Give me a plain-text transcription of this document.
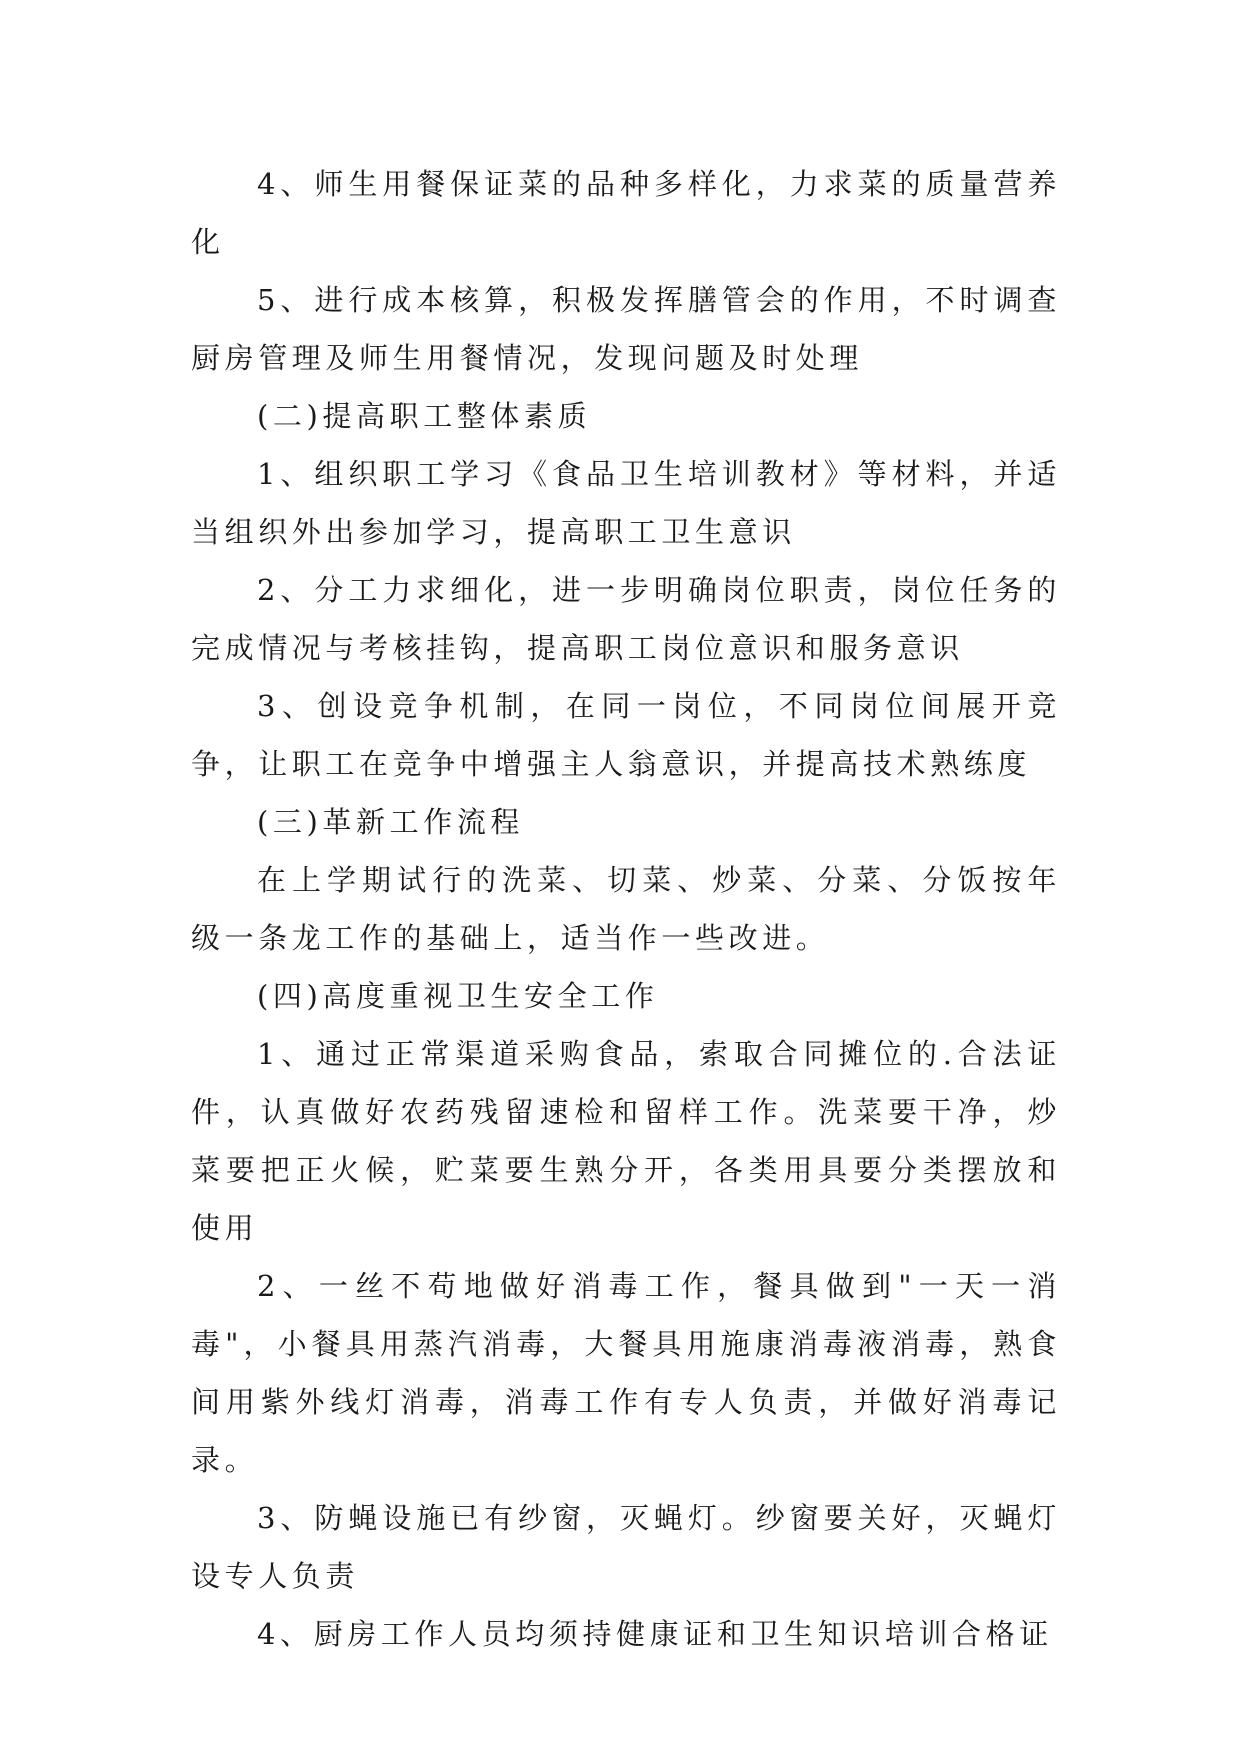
4、师生用餐保证菜的品种多样化，力求菜的质量营养化

5、进行成本核算，积极发挥膳管会的作用，不时调查厨房管理及师生用餐情况，发现问题及时处理

(二)提高职工整体素质

1、组织职工学习《食品卫生培训教材》等材料，并适当组织外出参加学习，提高职工卫生意识

2、分工力求细化，进一步明确岗位职责，岗位任务的完成情况与考核挂钩，提高职工岗位意识和服务意识

3、创设竞争机制，在同一岗位，不同岗位间展开竞争，让职工在竞争中增强主人翁意识，并提高技术熟练度

(三)革新工作流程

在上学期试行的洗菜、切菜、炒菜、分菜、分饭按年级一条龙工作的基础上，适当作一些改进。

(四)高度重视卫生安全工作

1、通过正常渠道采购食品，索取合同摊位的.合法证件，认真做好农药残留速检和留样工作。洗菜要干净，炒菜要把正火候，贮菜要生熟分开，各类用具要分类摆放和使用

2、一丝不苟地做好消毒工作，餐具做到"一天一消毒"，小餐具用蒸汽消毒，大餐具用施康消毒液消毒，熟食间用紫外线灯消毒，消毒工作有专人负责，并做好消毒记录。

3、防蝇设施已有纱窗，灭蝇灯。纱窗要关好，灭蝇灯设专人负责

4、厨房工作人员均须持健康证和卫生知识培训合格证
